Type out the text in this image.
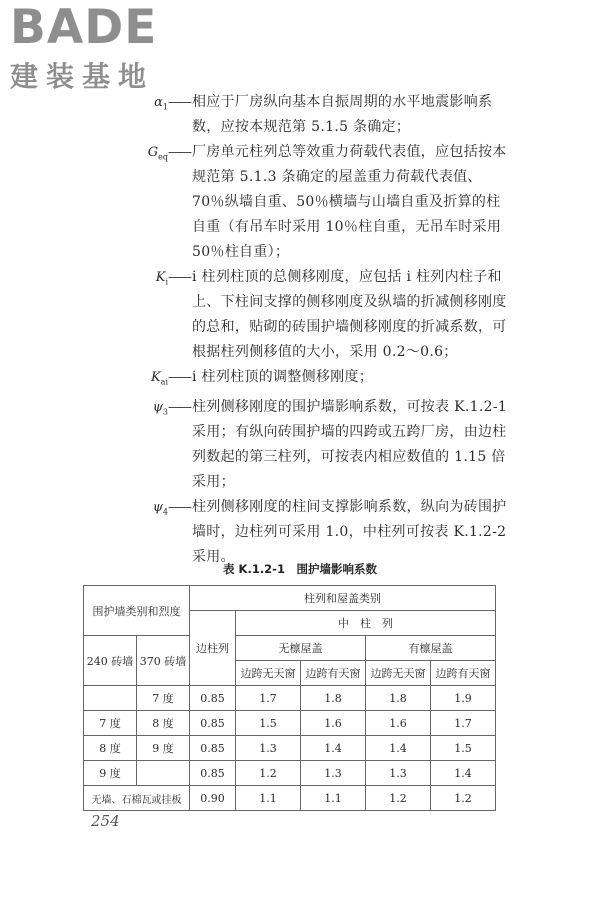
BADE
建装基地
$\alpha_1$ —— 相应于厂房纵向基本自振周期的水平地震影响系数，应按本规范第 5.1.5 条确定；
$G_{eq}$ —— 厂房单元柱列总等效重力荷载代表值，应包括按本规范第 5.1.3 条确定的屋盖重力荷载代表值、70％纵墙自重、50％横墙与山墙自重及折算的柱自重（有吊车时采用 10％柱自重，无吊车时采用 50％柱自重）；
$K_i$ —— i 柱列柱顶的总侧移刚度，应包括 i 柱列内柱子和上、下柱间支撑的侧移刚度及纵墙的折减侧移刚度的总和，贴砌的砖围护墙侧移刚度的折减系数，可根据柱列侧移值的大小，采用 0.2～0.6；
$K_{ai}$ —— i 柱列柱顶的调整侧移刚度；
$\psi_3$ —— 柱列侧移刚度的围护墙影响系数，可按表 K.1.2-1 采用；有纵向砖围护墙的四跨或五跨厂房，由边柱列数起的第三柱列，可按表内相应数值的 1.15 倍采用；
$\psi_4$ —— 柱列侧移刚度的柱间支撑影响系数，纵向为砖围护墙时，边柱列可采用 1.0，中柱列可按表 K.1.2-2 采用。
表 K.1.2-1　围护墙影响系数
围护墙类别和烈度		柱列和屋盖类别				
		边柱列	中　柱　列			
240 砖墙	370 砖墙		无檩屋盖		有檩屋盖	
			边跨无天窗	边跨有天窗	边跨无天窗	边跨有天窗
	7 度	0.85	1.7	1.8	1.8	1.9
7 度	8 度	0.85	1.5	1.6	1.6	1.7
8 度	9 度	0.85	1.3	1.4	1.4	1.5
9 度		0.85	1.2	1.3	1.3	1.4
无墙、石棉瓦或挂板		0.90	1.1	1.1	1.2	1.2
254
